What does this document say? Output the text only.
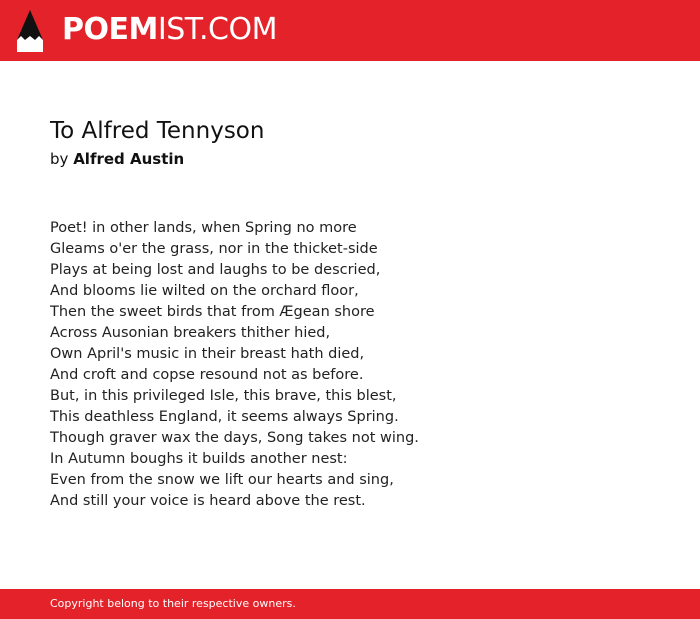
POEMIST.COM
To Alfred Tennyson
by Alfred Austin
Poet! in other lands, when Spring no more
Gleams o'er the grass, nor in the thicket-side
Plays at being lost and laughs to be descried,
And blooms lie wilted on the orchard floor,
Then the sweet birds that from Ægean shore
Across Ausonian breakers thither hied,
Own April's music in their breast hath died,
And croft and copse resound not as before.
But, in this privileged Isle, this brave, this blest,
This deathless England, it seems always Spring.
Though graver wax the days, Song takes not wing.
In Autumn boughs it builds another nest:
Even from the snow we lift our hearts and sing,
And still your voice is heard above the rest.
Copyright belong to their respective owners.
